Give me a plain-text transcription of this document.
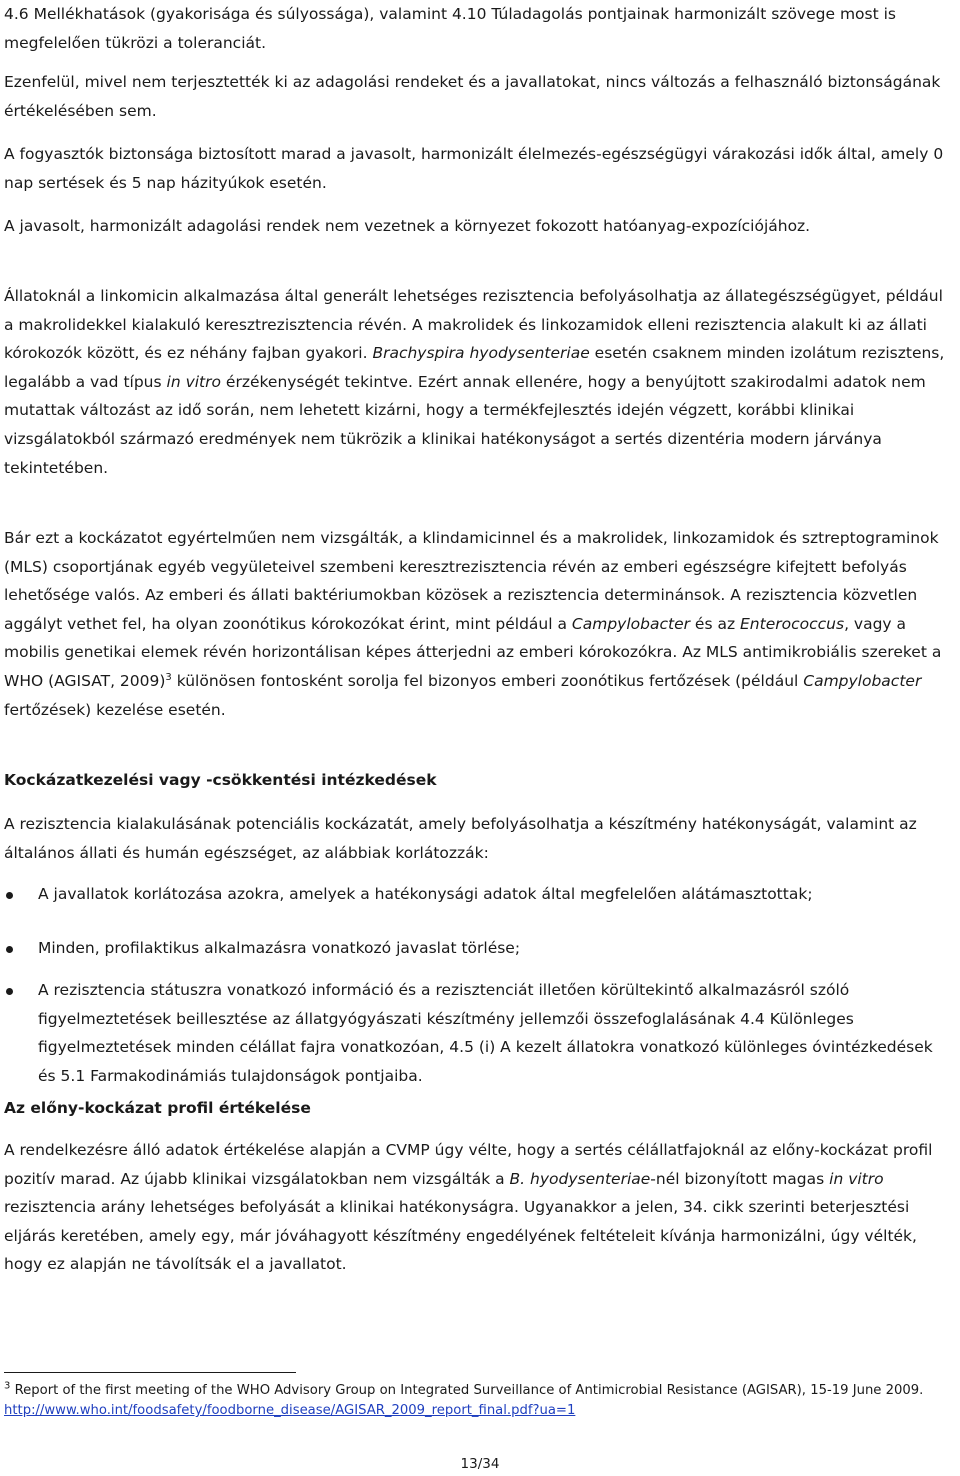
4.6 Mellékhatások (gyakorisága és súlyossága), valamint 4.10 Túladagolás pontjainak harmonizált szövege most is megfelelően tükrözi a toleranciát.

Ezenfelül, mivel nem terjesztették ki az adagolási rendeket és a javallatokat, nincs változás a felhasználó biztonságának értékelésében sem.

A fogyasztók biztonsága biztosított marad a javasolt, harmonizált élelmezés-egészségügyi várakozási idők által, amely 0 nap sertések és 5 nap házityúkok esetén.

A javasolt, harmonizált adagolási rendek nem vezetnek a környezet fokozott hatóanyag-expozíciójához.

Állatoknál a linkomicin alkalmazása által generált lehetséges rezisztencia befolyásolhatja az állategészségügyet, például a makrolidekkel kialakuló keresztrezisztencia révén. A makrolidek és linkozamidok elleni rezisztencia alakult ki az állati kórokozók között, és ez néhány fajban gyakori. Brachyspira hyodysenteriae esetén csaknem minden izolátum rezisztens, legalább a vad típus in vitro érzékenységét tekintve. Ezért annak ellenére, hogy a benyújtott szakirodalmi adatok nem mutattak változást az idő során, nem lehetett kizárni, hogy a termékfejlesztés idején végzett, korábbi klinikai vizsgálatokból származó eredmények nem tükrözik a klinikai hatékonyságot a sertés dizentéria modern járványa tekintetében.

Bár ezt a kockázatot egyértelműen nem vizsgálták, a klindamicinnel és a makrolidek, linkozamidok és sztreptograminok (MLS) csoportjának egyéb vegyületeivel szembeni keresztrezisztencia révén az emberi egészségre kifejtett befolyás lehetősége valós. Az emberi és állati baktériumokban közösek a rezisztencia determinánsok. A rezisztencia közvetlen aggályt vethet fel, ha olyan zoonótikus kórokozókat érint, mint például a Campylobacter és az Enterococcus, vagy a mobilis genetikai elemek révén horizontálisan képes átterjedni az emberi kórokozókra. Az MLS antimikrobiális szereket a WHO (AGISAT, 2009)$^3$ különösen fontosként sorolja fel bizonyos emberi zoonótikus fertőzések (például Campylobacter fertőzések) kezelése esetén.

Kockázatkezelési vagy -csökkentési intézkedések

A rezisztencia kialakulásának potenciális kockázatát, amely befolyásolhatja a készítmény hatékonyságát, valamint az általános állati és humán egészséget, az alábbiak korlátozzák:

A javallatok korlátozása azokra, amelyek a hatékonysági adatok által megfelelően alátámasztottak;
Minden, profilaktikus alkalmazásra vonatkozó javaslat törlése;
A rezisztencia státuszra vonatkozó információ és a rezisztenciát illetően körültekintő alkalmazásról szóló figyelmeztetések beillesztése az állatgyógyászati készítmény jellemzői összefoglalásának 4.4 Különleges figyelmeztetések minden célállat fajra vonatkozóan, 4.5 (i) A kezelt állatokra vonatkozó különleges óvintézkedések és 5.1 Farmakodinámiás tulajdonságok pontjaiba.
Az előny-kockázat profil értékelése

A rendelkezésre álló adatok értékelése alapján a CVMP úgy vélte, hogy a sertés célállatfajoknál az előny-kockázat profil pozitív marad. Az újabb klinikai vizsgálatokban nem vizsgálták a B. hyodysenteriae-nél bizonyított magas in vitro rezisztencia arány lehetséges befolyását a klinikai hatékonyságra. Ugyanakkor a jelen, 34. cikk szerinti beterjesztési eljárás keretében, amely egy, már jóváhagyott készítmény engedélyének feltételeit kívánja harmonizálni, úgy vélték, hogy ez alapján ne távolítsák el a javallatot.

$^3$ Report of the first meeting of the WHO Advisory Group on Integrated Surveillance of Antimicrobial Resistance (AGISAR), 15-19 June 2009. http://www.who.int/foodsafety/foodborne_disease/AGISAR_2009_report_final.pdf?ua=1

13/34
